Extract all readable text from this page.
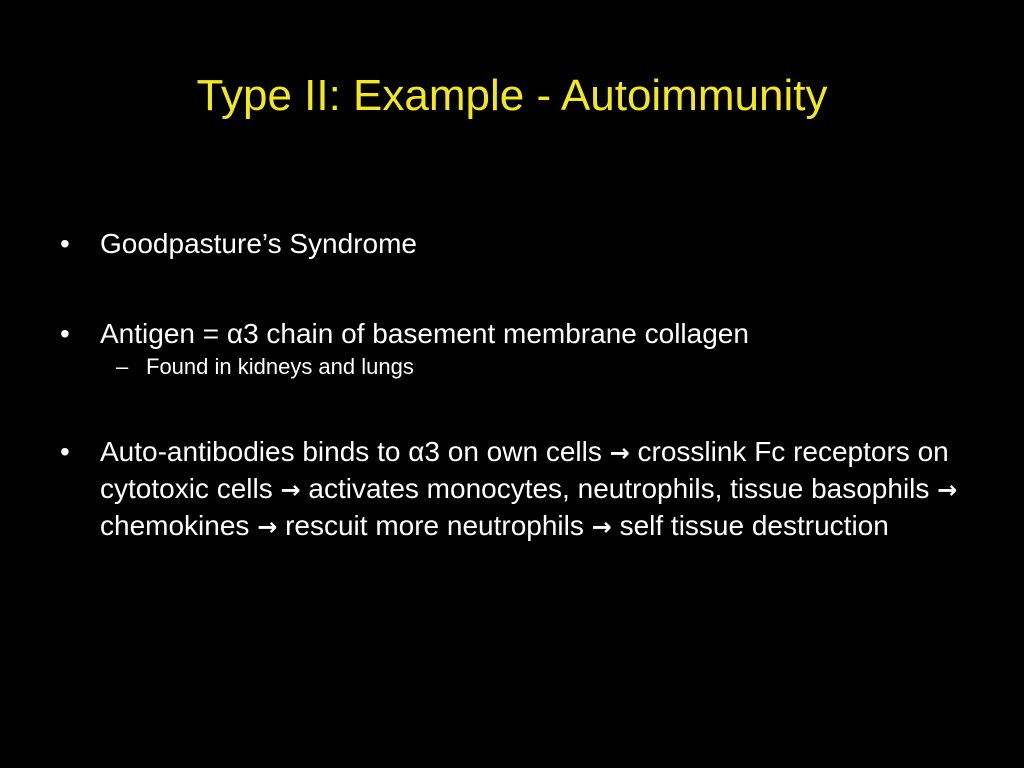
Type II: Example - Autoimmunity
• Goodpasture’s Syndrome
• Antigen = α3 chain of basement membrane collagen
– Found in kidneys and lungs
• Auto-antibodies binds to α3 on own cells → crosslink Fc receptors on cytotoxic cells → activates monocytes, neutrophils, tissue basophils → chemokines → rescuit more neutrophils → self tissue destruction
